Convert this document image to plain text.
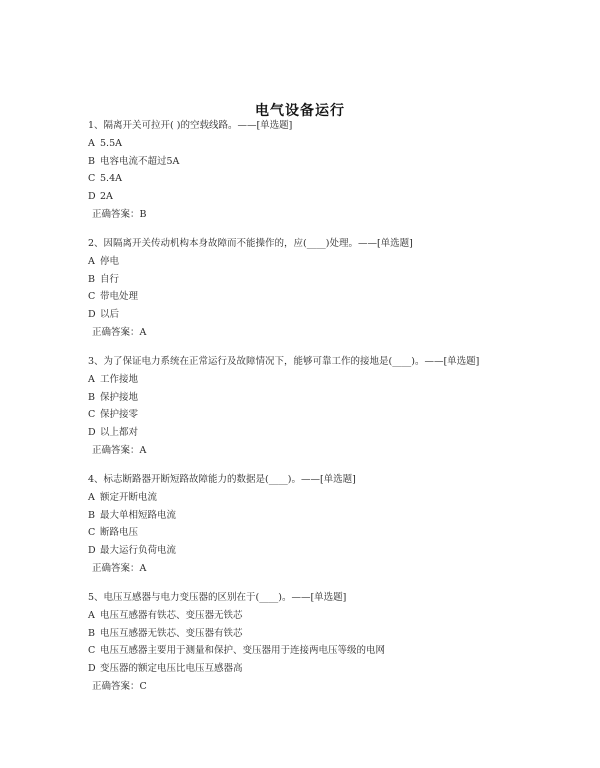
电气设备运行
1、隔离开关可拉开( )的空载线路。——[单选题]
A 5.5A
B 电容电流不超过5A
C 5.4A
D 2A
正确答案：B
2、因隔离开关传动机构本身故障而不能操作的，应(____)处理。——[单选题]
A 停电
B 自行
C 带电处理
D 以后
正确答案：A
3、为了保证电力系统在正常运行及故障情况下，能够可靠工作的接地是(____)。——[单选题]
A 工作接地
B 保护接地
C 保护接零
D 以上都对
正确答案：A
4、标志断路器开断短路故障能力的数据是(____)。——[单选题]
A 额定开断电流
B 最大单相短路电流
C 断路电压
D 最大运行负荷电流
正确答案：A
5、电压互感器与电力变压器的区别在于(____)。——[单选题]
A 电压互感器有铁芯、变压器无铁芯
B 电压互感器无铁芯、变压器有铁芯
C 电压互感器主要用于测量和保护、变压器用于连接两电压等级的电网
D 变压器的额定电压比电压互感器高
正确答案：C
